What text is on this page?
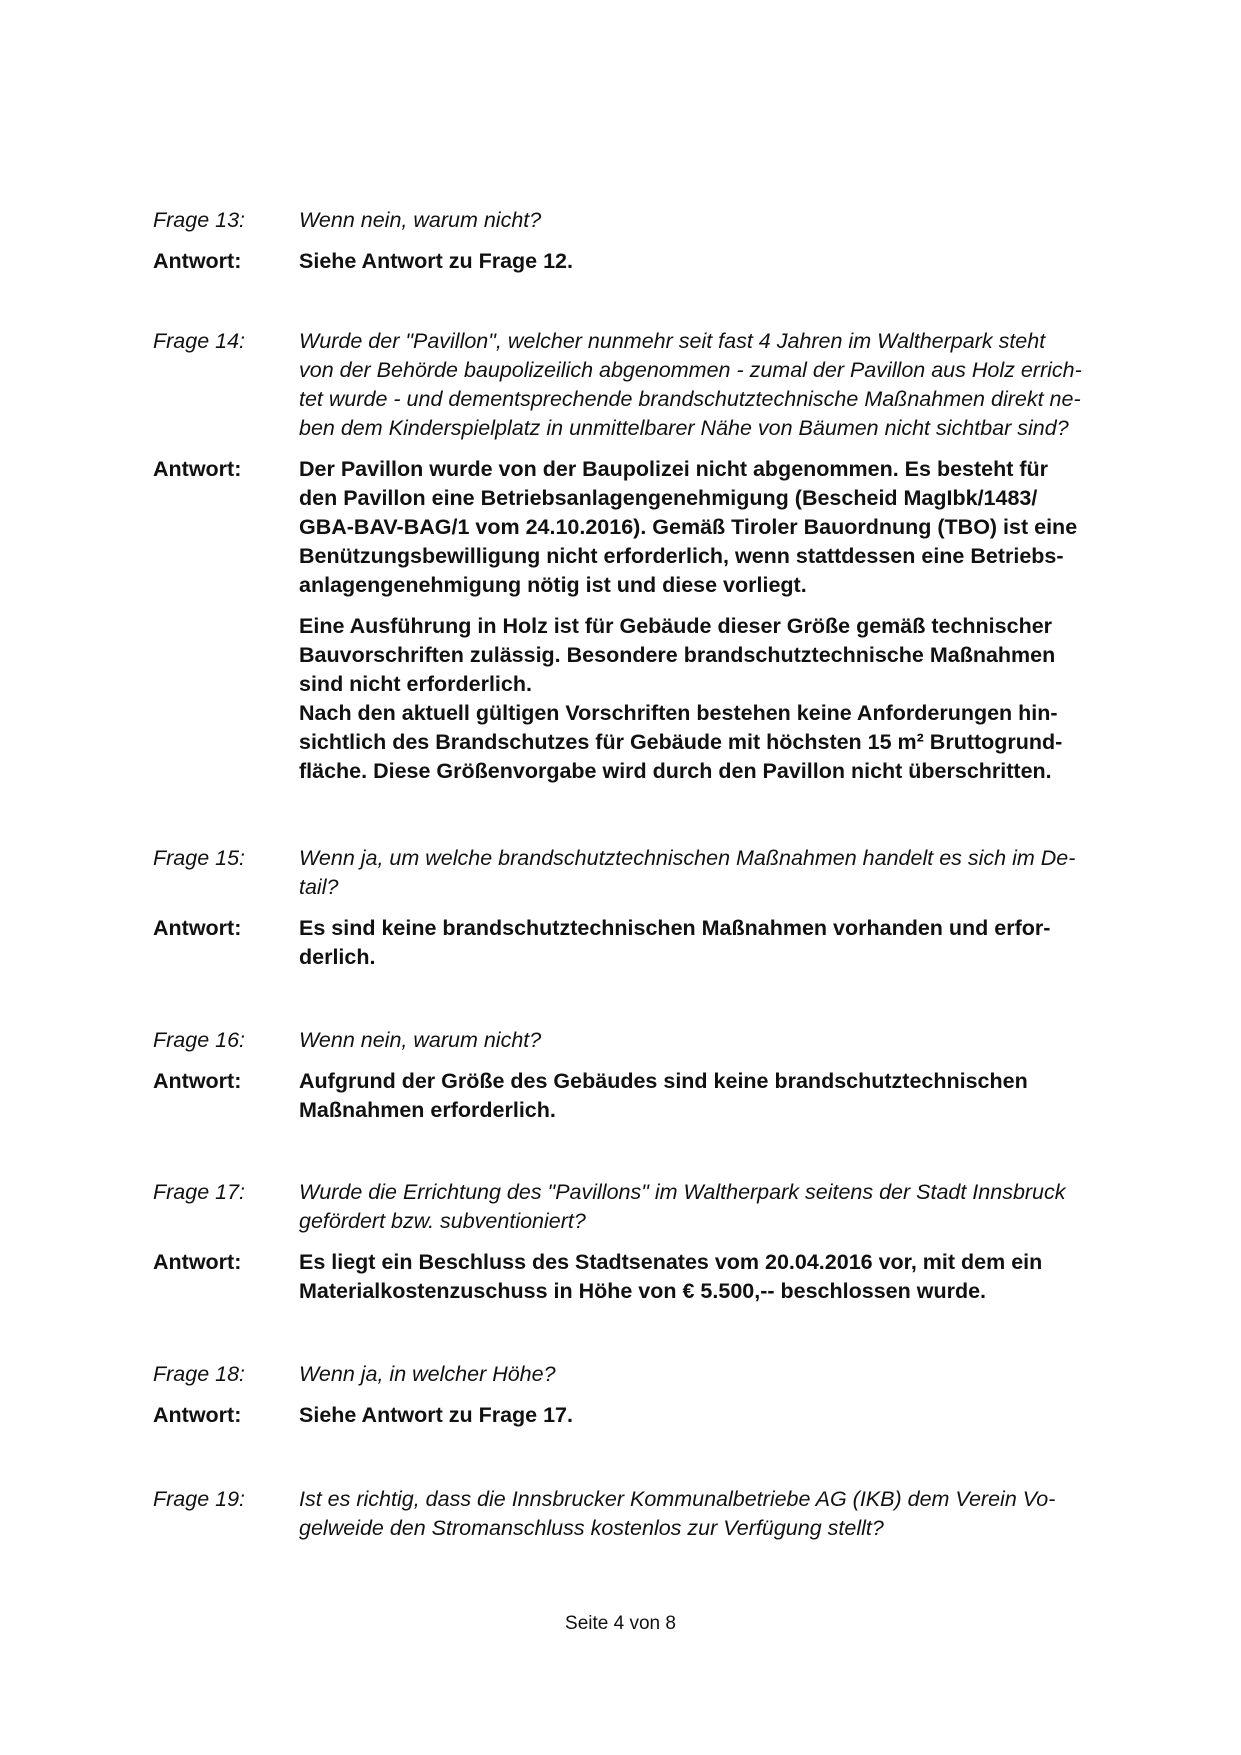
Frage 13:	Wenn nein, warum nicht?
Antwort:	Siehe Antwort zu Frage 12.
Frage 14:	Wurde der "Pavillon", welcher nunmehr seit fast 4 Jahren im Waltherpark steht
von der Behörde baupolizeilich abgenommen - zumal der Pavillon aus Holz errich-
tet wurde - und dementsprechende brandschutztechnische Maßnahmen direkt ne-
ben dem Kinderspielplatz in unmittelbarer Nähe von Bäumen nicht sichtbar sind?
Antwort:	Der Pavillon wurde von der Baupolizei nicht abgenommen. Es besteht für
den Pavillon eine Betriebsanlagengenehmigung (Bescheid MagIbk/1483/
GBA-BAV-BAG/1 vom 24.10.2016). Gemäß Tiroler Bauordnung (TBO) ist eine
Benützungsbewilligung nicht erforderlich, wenn stattdessen eine Betriebs-
anlagengenehmigung nötig ist und diese vorliegt.
Eine Ausführung in Holz ist für Gebäude dieser Größe gemäß technischer
Bauvorschriften zulässig. Besondere brandschutztechnische Maßnahmen
sind nicht erforderlich.
Nach den aktuell gültigen Vorschriften bestehen keine Anforderungen hin-
sichtlich des Brandschutzes für Gebäude mit höchsten 15 m² Bruttogrund-
fläche. Diese Größenvorgabe wird durch den Pavillon nicht überschritten.
Frage 15:	Wenn ja, um welche brandschutztechnischen Maßnahmen handelt es sich im De-
tail?
Antwort:	Es sind keine brandschutztechnischen Maßnahmen vorhanden und erfor-
derlich.
Frage 16:	Wenn nein, warum nicht?
Antwort:	Aufgrund der Größe des Gebäudes sind keine brandschutztechnischen
Maßnahmen erforderlich.
Frage 17:	Wurde die Errichtung des "Pavillons" im Waltherpark seitens der Stadt Innsbruck
gefördert bzw. subventioniert?
Antwort:	Es liegt ein Beschluss des Stadtsenates vom 20.04.2016 vor, mit dem ein
Materialkostenzuschuss in Höhe von € 5.500,-- beschlossen wurde.
Frage 18:	Wenn ja, in welcher Höhe?
Antwort:	Siehe Antwort zu Frage 17.
Frage 19:	Ist es richtig, dass die Innsbrucker Kommunalbetriebe AG (IKB) dem Verein Vo-
gelweide den Stromanschluss kostenlos zur Verfügung stellt?
Seite 4 von 8
